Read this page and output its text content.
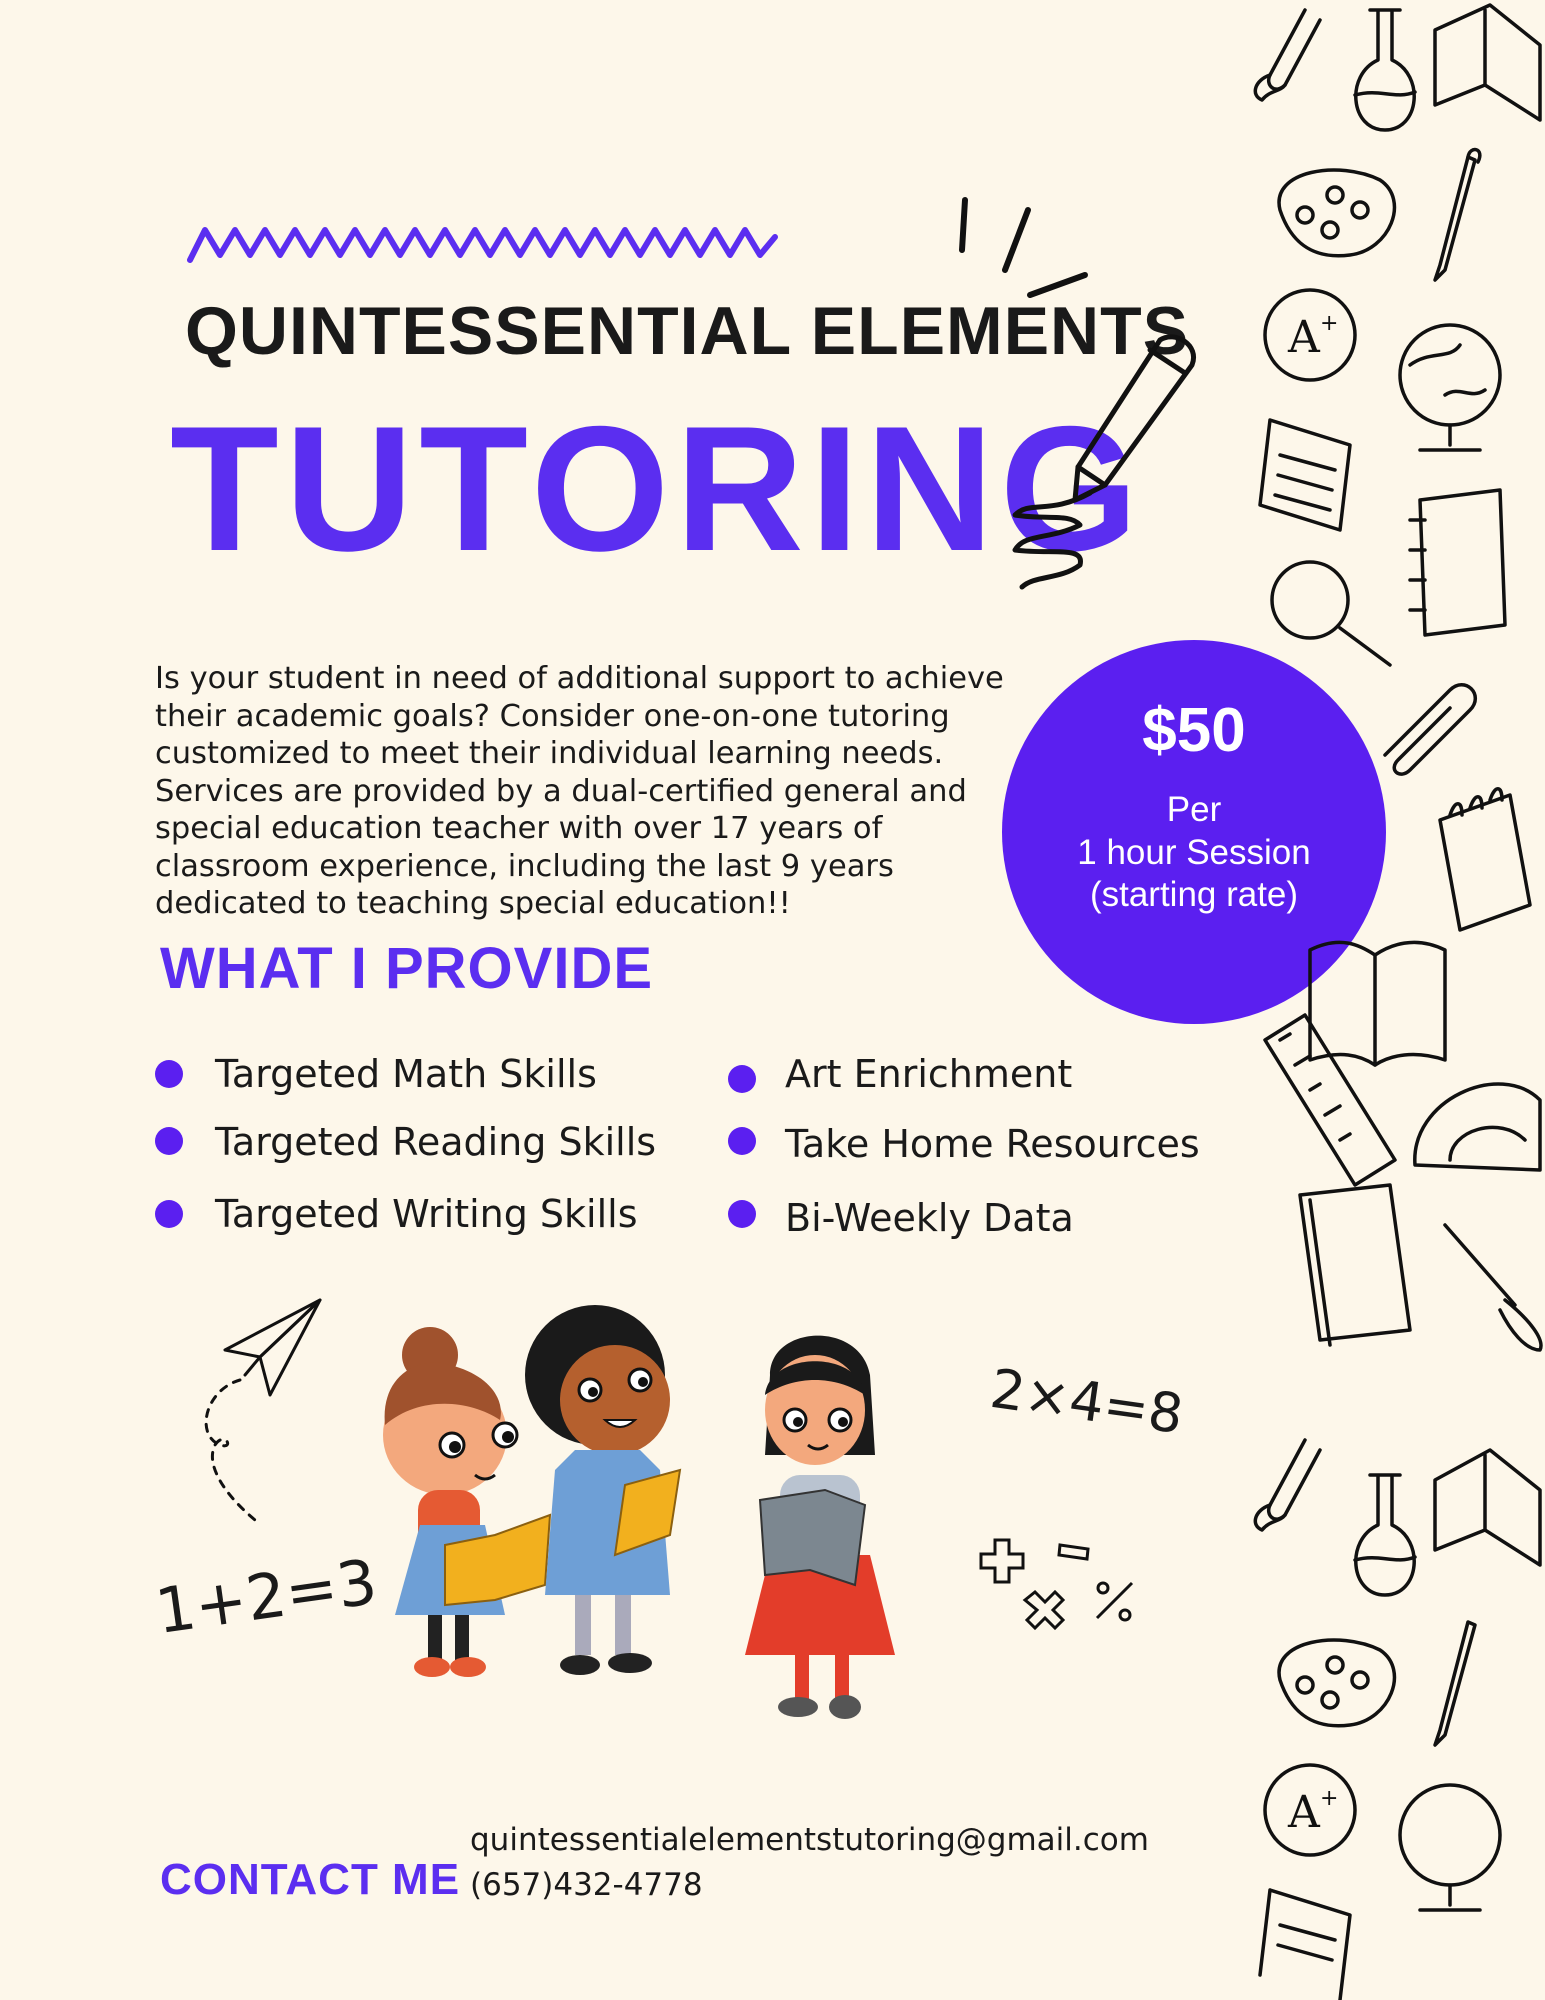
QUINTESSENTIAL ELEMENTS
TUTORING
Is your student in need of additional support to achieve their academic goals? Consider one-on-one tutoring customized to meet their individual learning needs. Services are provided by a dual-certified general and special education teacher with over 17 years of classroom experience, including the last 9 years dedicated to teaching special education!!
$50
Per
1 hour Session
(starting rate)
WHAT I PROVIDE
Targeted Math Skills
Targeted Reading Skills
Targeted Writing Skills
Art Enrichment
Take Home Resources
Bi-Weekly Data
1+2=3
2×4=8
CONTACT ME
quintessentialelementstutoring@gmail.com
(657)432-4778
A +
A +
